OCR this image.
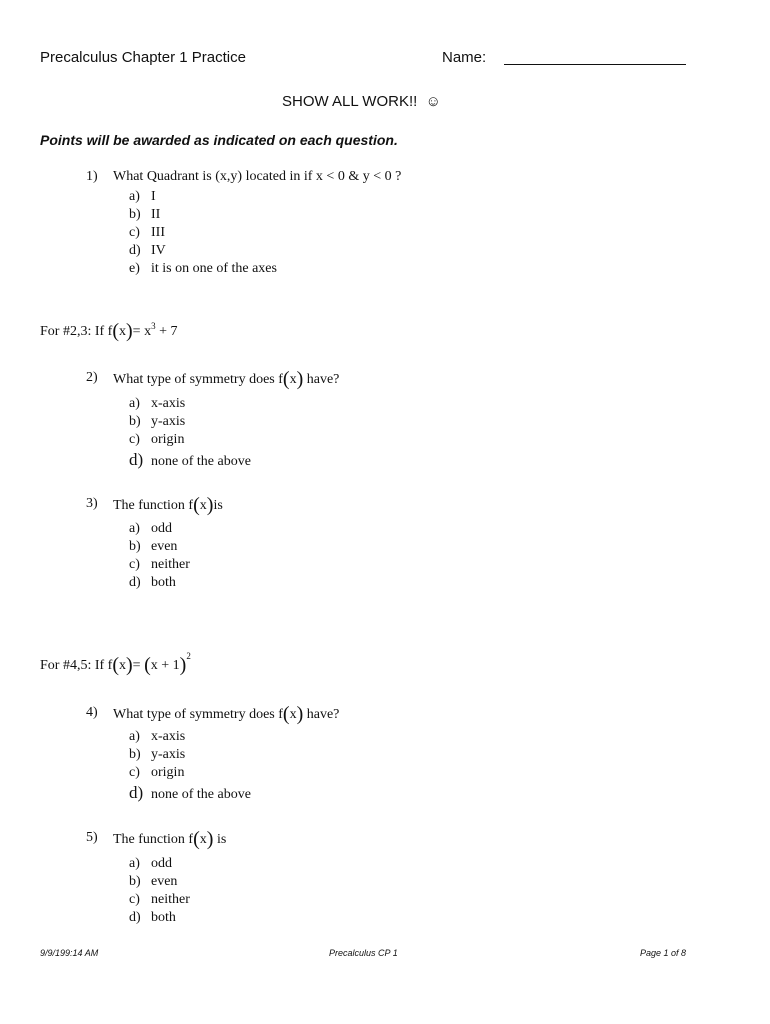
Precalculus Chapter 1 Practice	Name:
SHOW ALL WORK!! ☺
Points will be awarded as indicated on each question.
1) What Quadrant is (x,y) located in if x < 0 & y < 0 ?
a) I
b) II
c) III
d) IV
e) it is on one of the axes
For #2,3: If $f(x)= x^3 + 7$
2) What type of symmetry does f(x) have?
a) x-axis
b) y-axis
c) origin
d) none of the above
3) The function f(x)is
a) odd
b) even
c) neither
d) both
For #4,5: If $f(x)= (x + 1)^2$
4) What type of symmetry does f(x) have?
a) x-axis
b) y-axis
c) origin
d) none of the above
5) The function f(x) is
a) odd
b) even
c) neither
d) both
9/9/199:14 AM	Precalculus CP 1	Page 1 of 8
